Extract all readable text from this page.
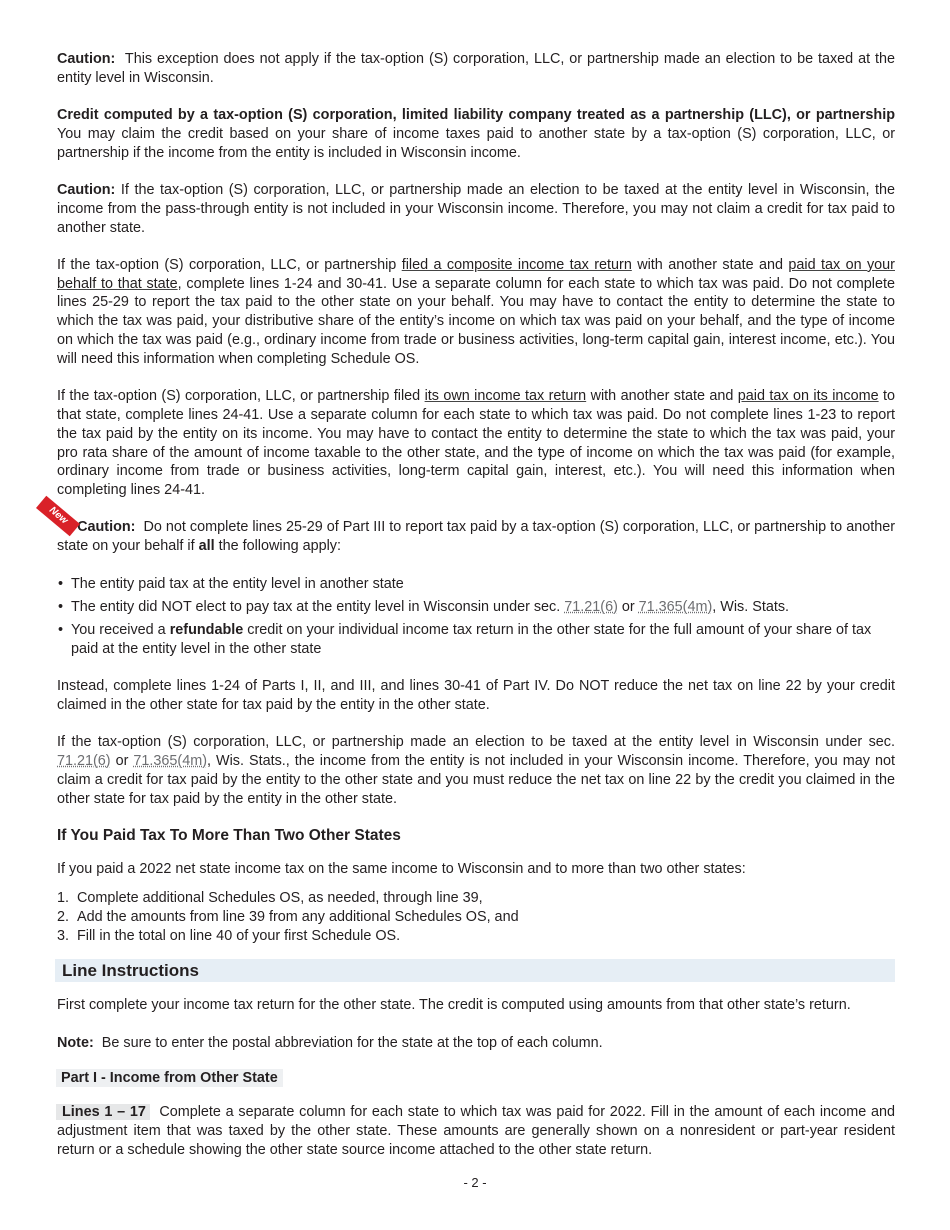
Caution: This exception does not apply if the tax-option (S) corporation, LLC, or partnership made an election to be taxed at the entity level in Wisconsin.

Credit computed by a tax-option (S) corporation, limited liability company treated as a partnership (LLC), or partnership You may claim the credit based on your share of income taxes paid to another state by a tax-option (S) corporation, LLC, or partnership if the income from the entity is included in Wisconsin income.

Caution: If the tax-option (S) corporation, LLC, or partnership made an election to be taxed at the entity level in Wisconsin, the income from the pass-through entity is not included in your Wisconsin income. Therefore, you may not claim a credit for tax paid to another state.

If the tax-option (S) corporation, LLC, or partnership filed a composite income tax return with another state and paid tax on your behalf to that state, complete lines 1-24 and 30-41. Use a separate column for each state to which tax was paid. Do not complete lines 25-29 to report the tax paid to the other state on your behalf. You may have to contact the entity to determine the state to which the tax was paid, your distributive share of the entity’s income on which tax was paid on your behalf, and the type of income on which the tax was paid (e.g., ordinary income from trade or business activities, long-term capital gain, interest income, etc.). You will need this information when completing Schedule OS.

If the tax-option (S) corporation, LLC, or partnership filed its own income tax return with another state and paid tax on its income to that state, complete lines 24-41. Use a separate column for each state to which tax was paid. Do not complete lines 1-23 to report the tax paid by the entity on its income. You may have to contact the entity to determine the state to which the tax was paid, your pro rata share of the amount of income taxable to the other state, and the type of income on which the tax was paid (for example, ordinary income from trade or business activities, long-term capital gain, interest, etc.). You will need this information when completing lines 24-41.

New

Caution: Do not complete lines 25-29 of Part III to report tax paid by a tax-option (S) corporation, LLC, or partnership to another state on your behalf if all the following apply:

• The entity paid tax at the entity level in another state
• The entity did NOT elect to pay tax at the entity level in Wisconsin under sec. 71.21(6) or 71.365(4m), Wis. Stats.
• You received a refundable credit on your individual income tax return in the other state for the full amount of your share of tax paid at the entity level in the other state

Instead, complete lines 1-24 of Parts I, II, and III, and lines 30-41 of Part IV. Do NOT reduce the net tax on line 22 by your credit claimed in the other state for tax paid by the entity in the other state.

If the tax-option (S) corporation, LLC, or partnership made an election to be taxed at the entity level in Wisconsin under sec. 71.21(6) or 71.365(4m), Wis. Stats., the income from the entity is not included in your Wisconsin income. Therefore, you may not claim a credit for tax paid by the entity to the other state and you must reduce the net tax on line 22 by the credit you claimed in the other state for tax paid by the entity in the other state.

If You Paid Tax To More Than Two Other States

If you paid a 2022 net state income tax on the same income to Wisconsin and to more than two other states:

1. Complete additional Schedules OS, as needed, through line 39,
2. Add the amounts from line 39 from any additional Schedules OS, and
3. Fill in the total on line 40 of your first Schedule OS.
Line Instructions

First complete your income tax return for the other state. The credit is computed using amounts from that other state’s return.

Note: Be sure to enter the postal abbreviation for the state at the top of each column.

Part I - Income from Other State

Lines 1 – 17 Complete a separate column for each state to which tax was paid for 2022. Fill in the amount of each income and adjustment item that was taxed by the other state. These amounts are generally shown on a nonresident or part-year resident return or a schedule showing the other state source income attached to the other state return.

- 2 -
